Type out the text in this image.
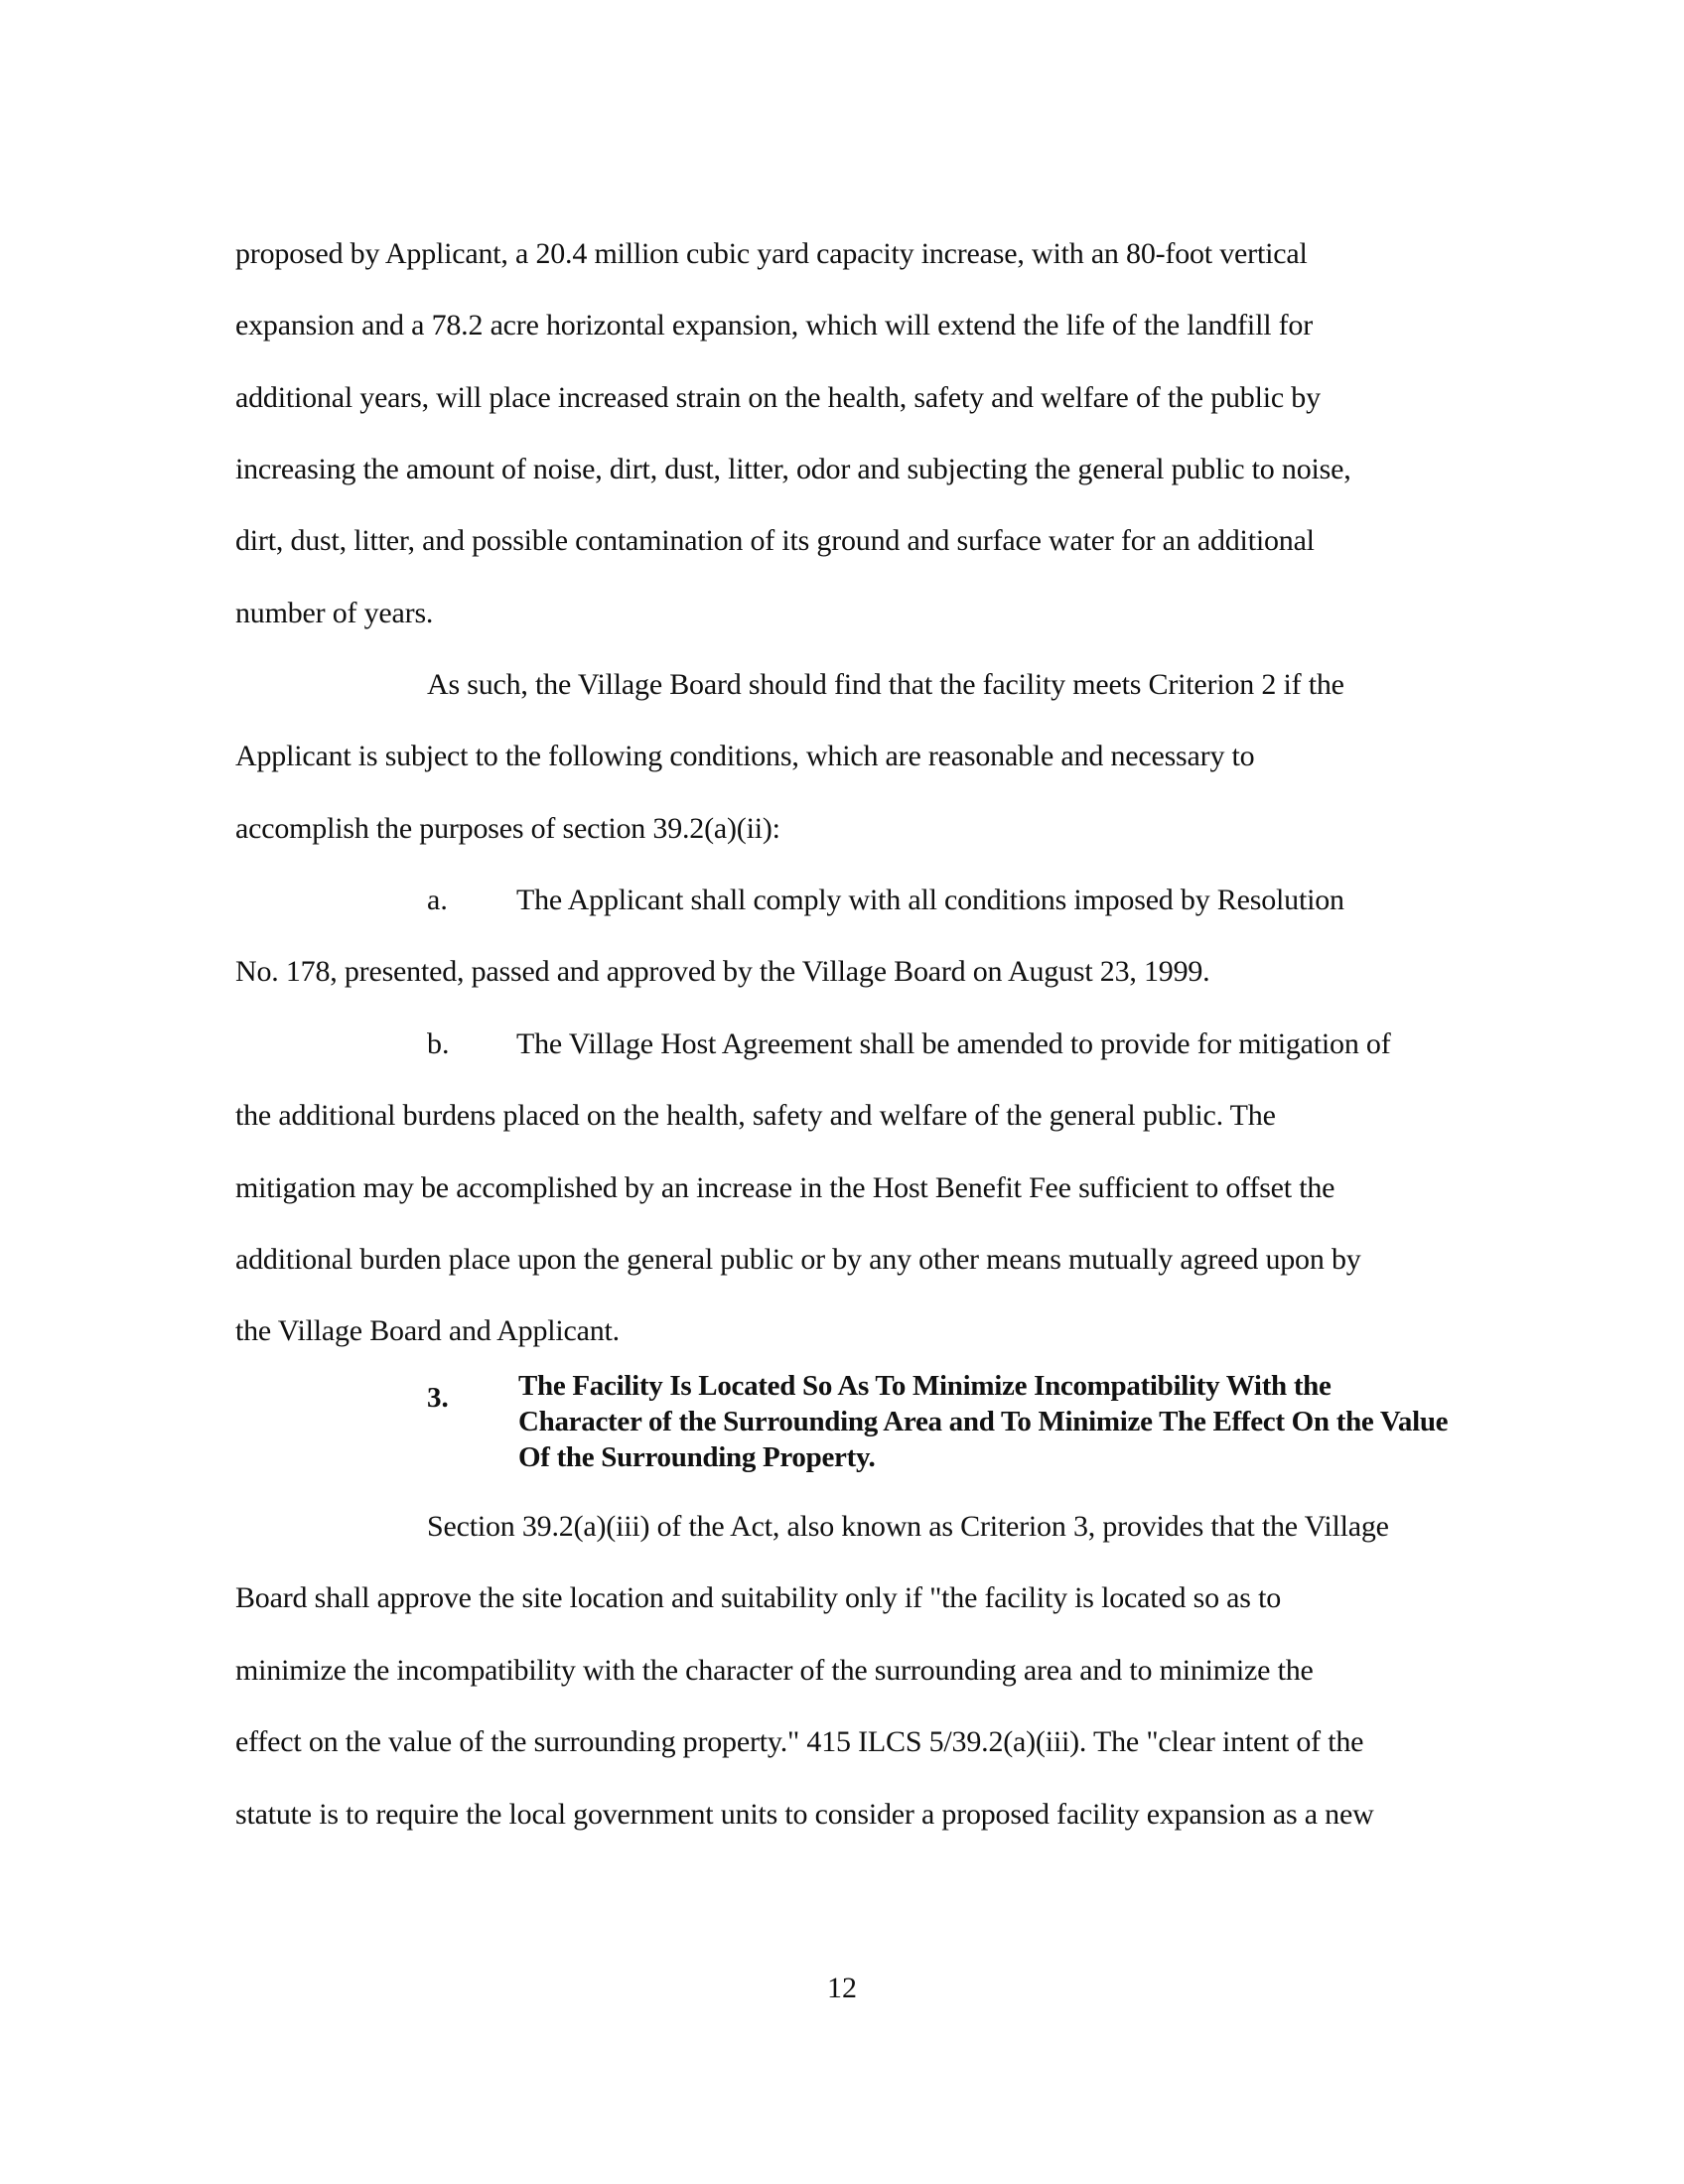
proposed by Applicant, a 20.4 million cubic yard capacity increase, with an 80-foot vertical
expansion and a 78.2 acre horizontal expansion, which will extend the life of the landfill for
additional years, will place increased strain on the health, safety and welfare of the public by
increasing the amount of noise, dirt, dust, litter, odor and subjecting the general public to noise,
dirt, dust, litter, and possible contamination of its ground and surface water for an additional
number of years.
As such, the Village Board should find that the facility meets Criterion 2 if the
Applicant is subject to the following conditions, which are reasonable and necessary to
accomplish the purposes of section 39.2(a)(ii):
a. The Applicant shall comply with all conditions imposed by Resolution
No. 178, presented, passed and approved by the Village Board on August 23, 1999.
b. The Village Host Agreement shall be amended to provide for mitigation of
the additional burdens placed on the health, safety and welfare of the general public. The
mitigation may be accomplished by an increase in the Host Benefit Fee sufficient to offset the
additional burden place upon the general public or by any other means mutually agreed upon by
the Village Board and Applicant.
3. The Facility Is Located So As To Minimize Incompatibility With the Character of the Surrounding Area and To Minimize The Effect On the Value Of the Surrounding Property.
Section 39.2(a)(iii) of the Act, also known as Criterion 3, provides that the Village
Board shall approve the site location and suitability only if "the facility is located so as to
minimize the incompatibility with the character of the surrounding area and to minimize the
effect on the value of the surrounding property." 415 ILCS 5/39.2(a)(iii). The "clear intent of the
statute is to require the local government units to consider a proposed facility expansion as a new
12
